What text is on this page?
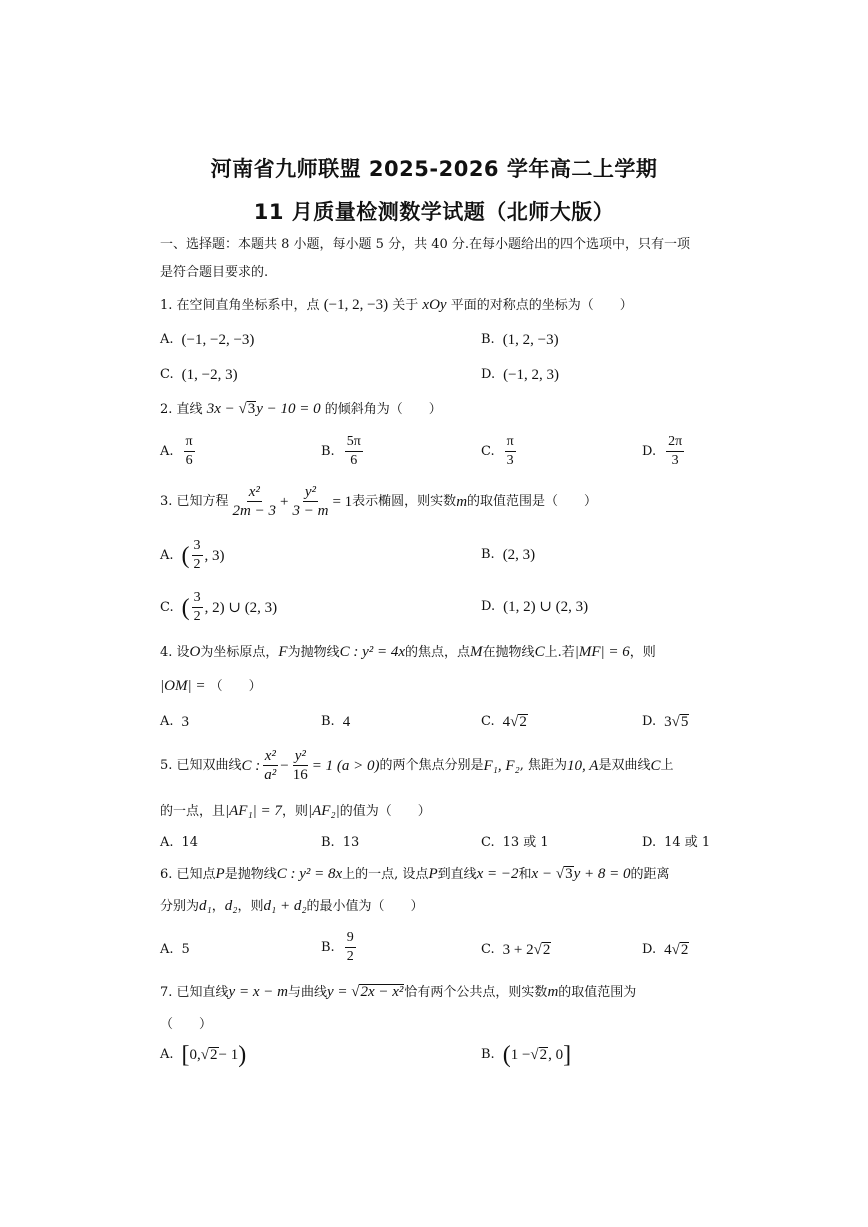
河南省九师联盟 2025-2026 学年高二上学期
11 月质量检测数学试题（北师大版）
一、选择题：本题共 8 小题，每小题 5 分，共 40 分.在每小题给出的四个选项中，只有一项
是符合题目要求的.
1. 在空间直角坐标系中，点 (−1, 2, −3) 关于 xOy 平面的对称点的坐标为（　　）
A. (−1, −2, −3)	B. (1, 2, −3)
C. (1, −2, 3)	D. (−1, 2, 3)
2. 直线 3x − √3y − 10 = 0 的倾斜角为（　　）
A. $\frac{\pi}{6}$	B. $\frac{5\pi}{6}$	C. $\frac{\pi}{3}$	D. $\frac{2\pi}{3}$
3. 已知方程 $\frac{\text{x²}}{2m - 3} + \frac{\text{y²}}{3 - m} = 1$ 表示椭圆，则实数 m 的取值范围是（　　）
A. ( $\frac{3}{2}$ , 3)	B. (2, 3)
C. ( $\frac{3}{2}$ , 2) ∪ (2, 3)	D. (1, 2) ∪ (2, 3)
4. 设O为坐标原点，F为抛物线C : y² = 4x的焦点，点M在抛物线C上.若|MF| = 6，则
|OM| = （　　）
A. 3	B. 4	C. 4 √ 2	D. 3 √ 5
5. 已知双曲线 C : $\frac{\text{x²}}{\text{a²}} - \frac{\text{y²}}{16} = 1$ (a > 0) 的两个焦点分别是 F₁, F₂ , 焦距为 10, A 是双曲线 C 上
的一点，且|AF₁| = 7，则|AF₂|的值为（　　）
A. 14	B. 13	C. 13 或 1	D. 14 或 1
6. 已知点P是抛物线C : y² = 8x上的一点, 设点P到直线x = −2和x − √3y + 8 = 0的距离
分别为d₁，d₂，则d₁ + d₂的最小值为（　　）
A. 5	B. $\frac{9}{2}$	C. 3 + 2 √ 2	D. 4 √ 2
7. 已知直线y = x − m与曲线y = √2x − x²恰有两个公共点，则实数m的取值范围为
（　　）
A. [ 0, √ 2 − 1 )	B. ( 1 − √ 2 , 0 ]
